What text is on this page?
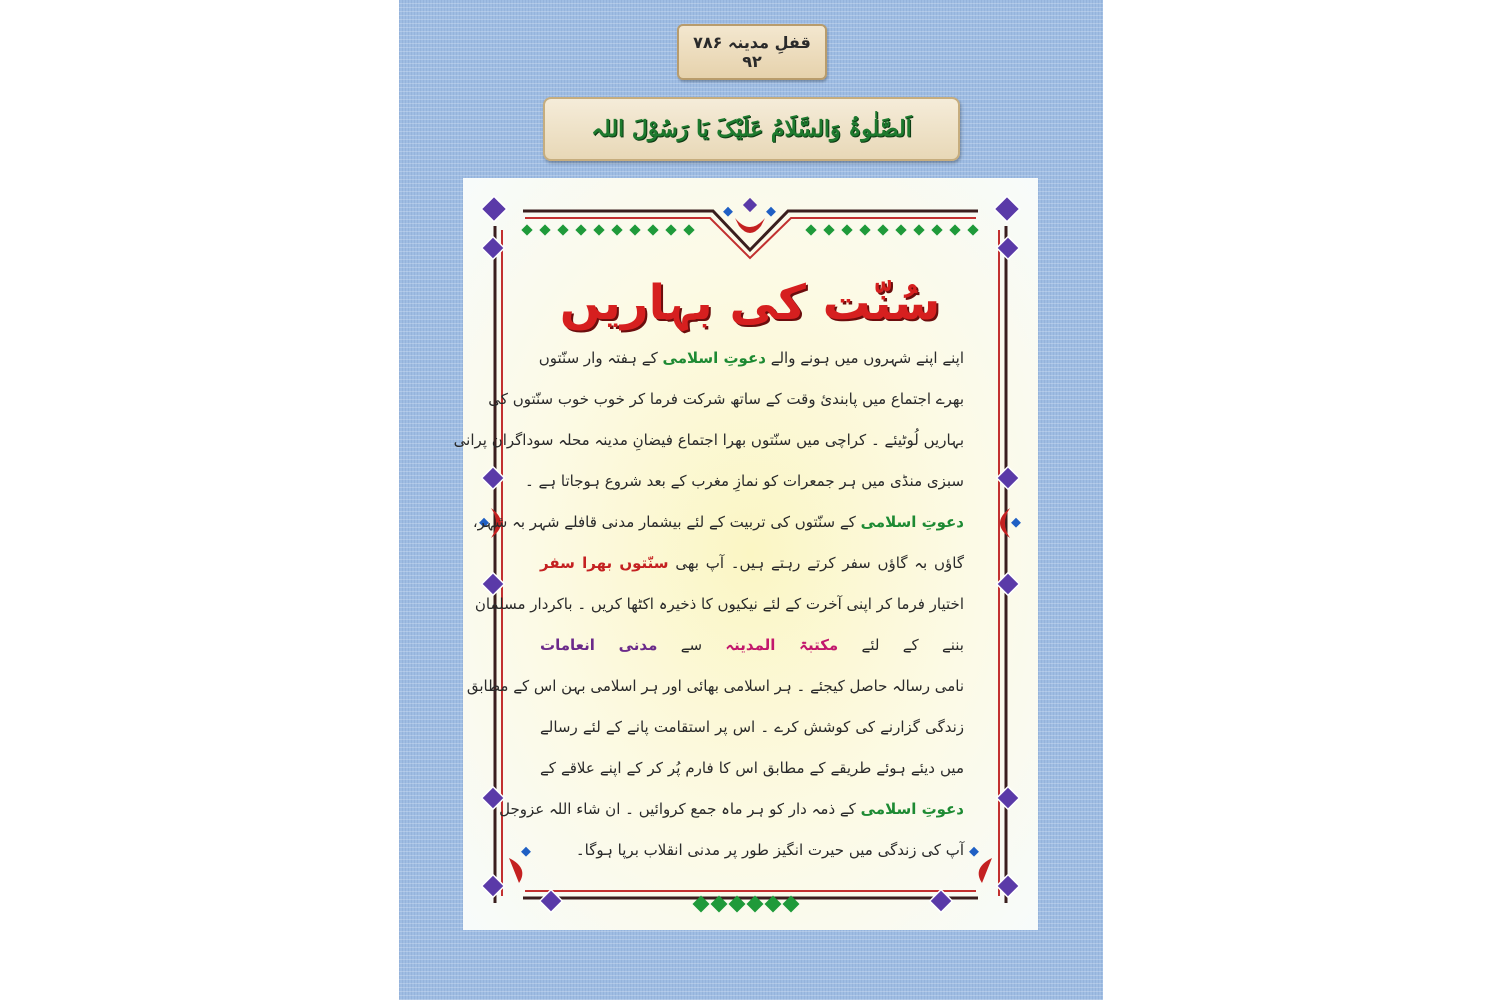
قفلِ مدینہ ۷۸۶
۹۲
اَلصَّلٰوۃُ وَالسَّلَامُ عَلَیْکَ یَا رَسُوْلَ اللہ
سُنّت کی بہاریں
اپنے اپنے شہروں میں ہونے والے دعوتِ اسلامی کے ہفتہ وار سنّتوں
بھرے اجتماع میں پابندیٔ وقت کے ساتھ شرکت فرما کر خوب خوب سنّتوں کی
بہاریں لُوٹیئے ۔ کراچی میں سنّتوں بھرا اجتماع فیضانِ مدینہ محلہ سوداگران پرانی
سبزی منڈی میں ہر جمعرات کو نمازِ مغرب کے بعد شروع ہوجاتا ہے ۔
دعوتِ اسلامی کے سنّتوں کی تربیت کے لئے بیشمار مدنی قافلے شہر بہ شہر،
گاؤں بہ گاؤں سفر کرتے رہتے ہیں۔ آپ بھی سنّتوں بھرا سفر
اختیار فرما کر اپنی آخرت کے لئے نیکیوں کا ذخیرہ اکٹھا کریں ۔ باکردار مسلمان
بننے کے لئے مکتبۃ المدینہ سے مدنی انعامات
نامی رسالہ حاصل کیجئے ۔ ہر اسلامی بھائی اور ہر اسلامی بہن اس کے مطابق
زندگی گزارنے کی کوشش کرے ۔ اس پر استقامت پانے کے لئے رسالے
میں دیئے ہوئے طریقے کے مطابق اس کا فارم پُر کر کے اپنے علاقے کے
دعوتِ اسلامی کے ذمہ دار کو ہر ماہ جمع کروائیں ۔ ان شاء اللہ عزوجل
آپ کی زندگی میں حیرت انگیز طور پر مدنی انقلاب برپا ہوگا۔
